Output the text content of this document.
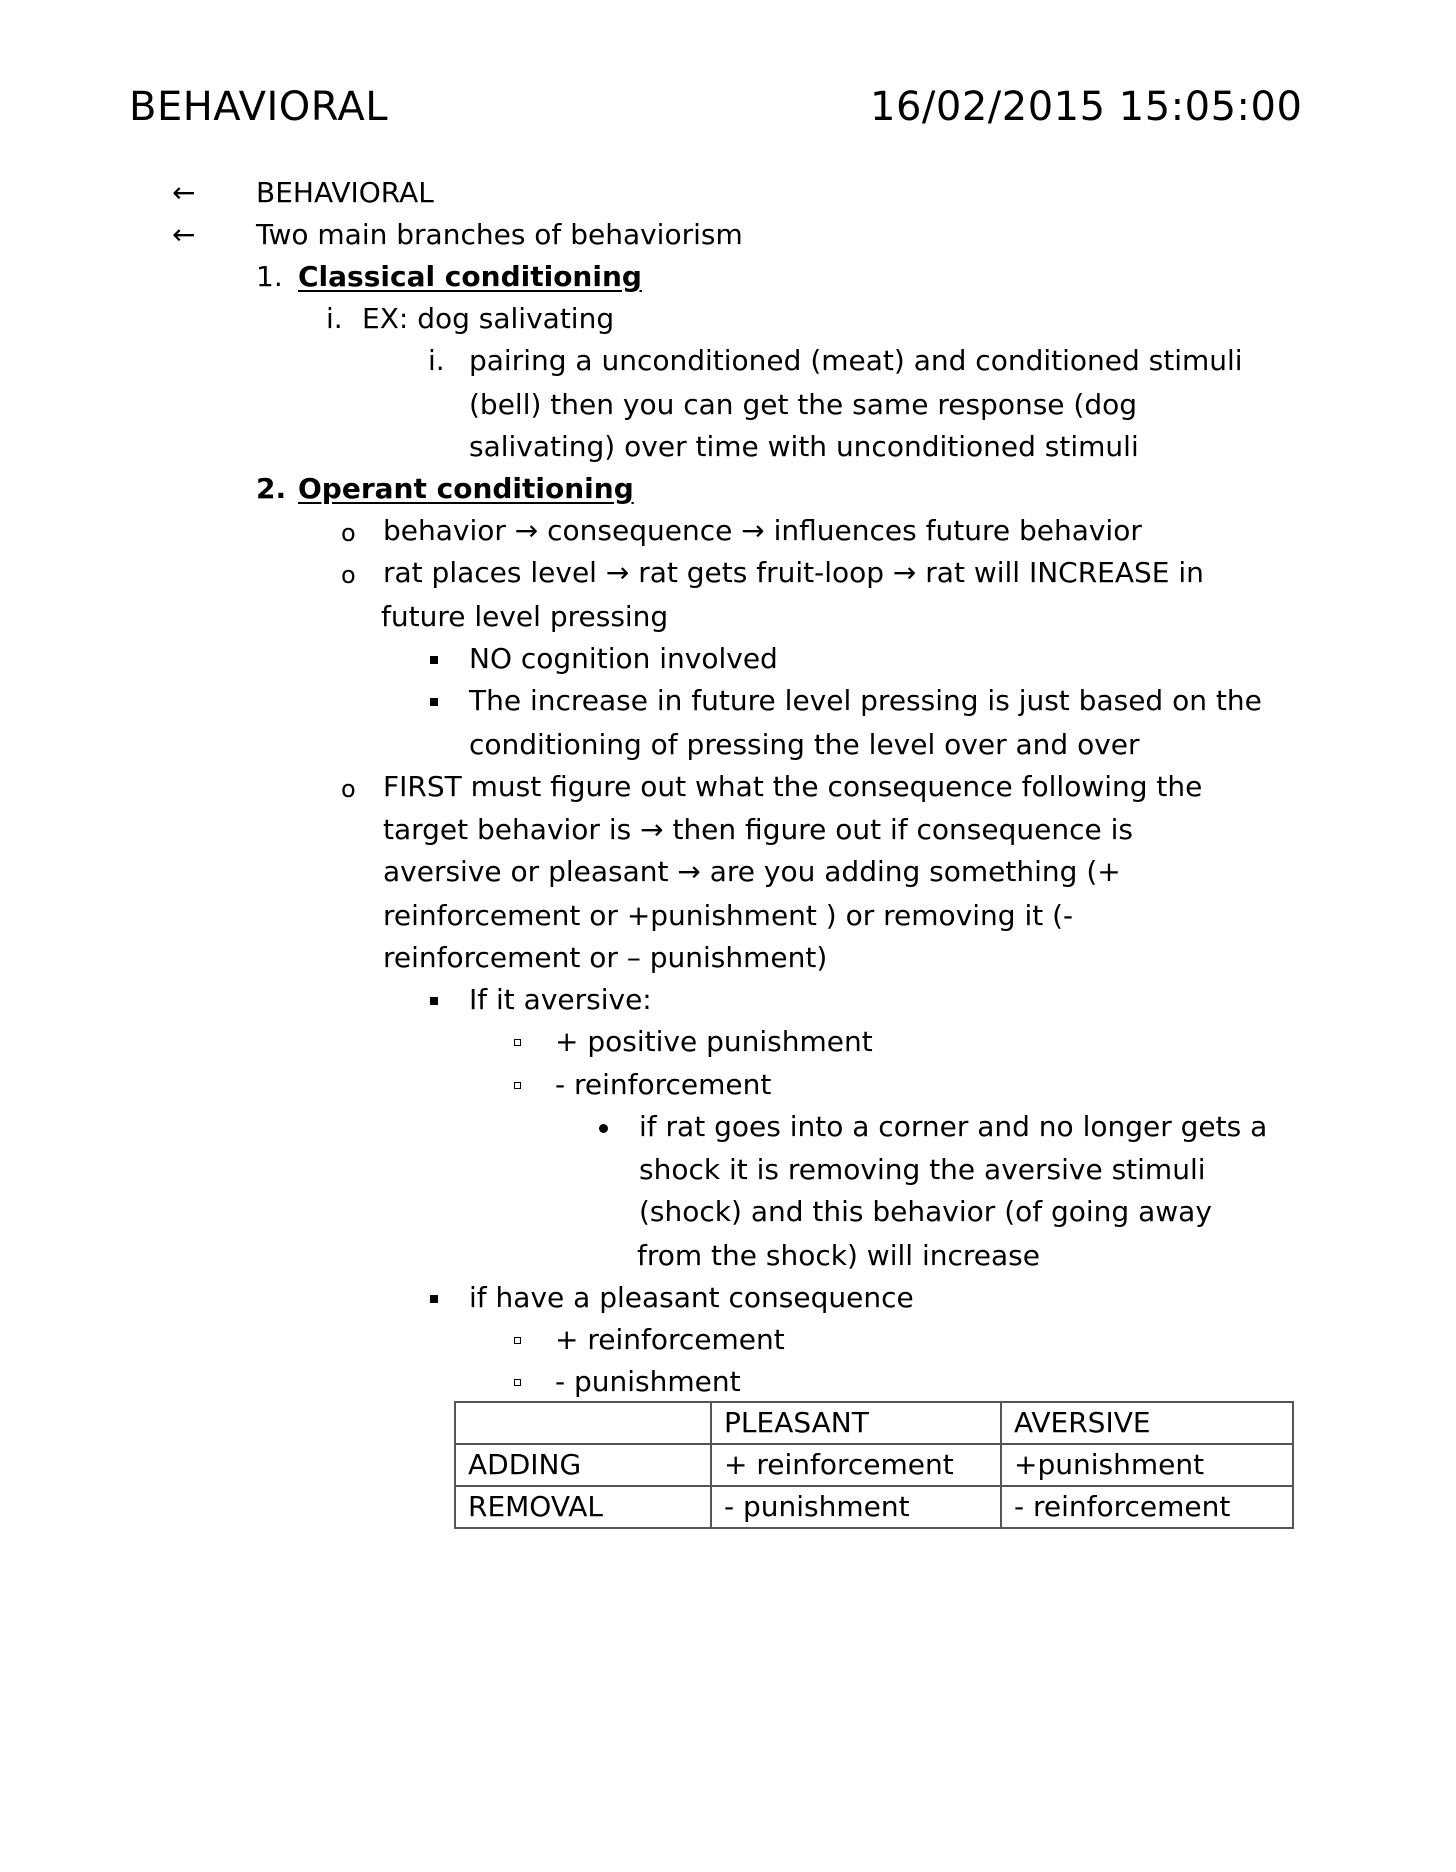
BEHAVIORAL	16/02/2015 15:05:00
← BEHAVIORAL
← Two main branches of behaviorism
1. Classical conditioning
i. EX: dog salivating
i. pairing a unconditioned (meat) and conditioned stimuli
(bell) then you can get the same response (dog
salivating) over time with unconditioned stimuli
2. Operant conditioning
o behavior → consequence → influences future behavior
o rat places level → rat gets fruit-loop → rat will INCREASE in
future level pressing
NO cognition involved
The increase in future level pressing is just based on the
conditioning of pressing the level over and over
o FIRST must figure out what the consequence following the
target behavior is → then figure out if consequence is
aversive or pleasant → are you adding something (+
reinforcement or +punishment ) or removing it (-
reinforcement or – punishment)
If it aversive:
+ positive punishment
- reinforcement
if rat goes into a corner and no longer gets a
shock it is removing the aversive stimuli
(shock) and this behavior (of going away
from the shock) will increase
if have a pleasant consequence
+ reinforcement
- punishment
	PLEASANT	AVERSIVE
ADDING	+ reinforcement	+punishment
REMOVAL	- punishment	- reinforcement
